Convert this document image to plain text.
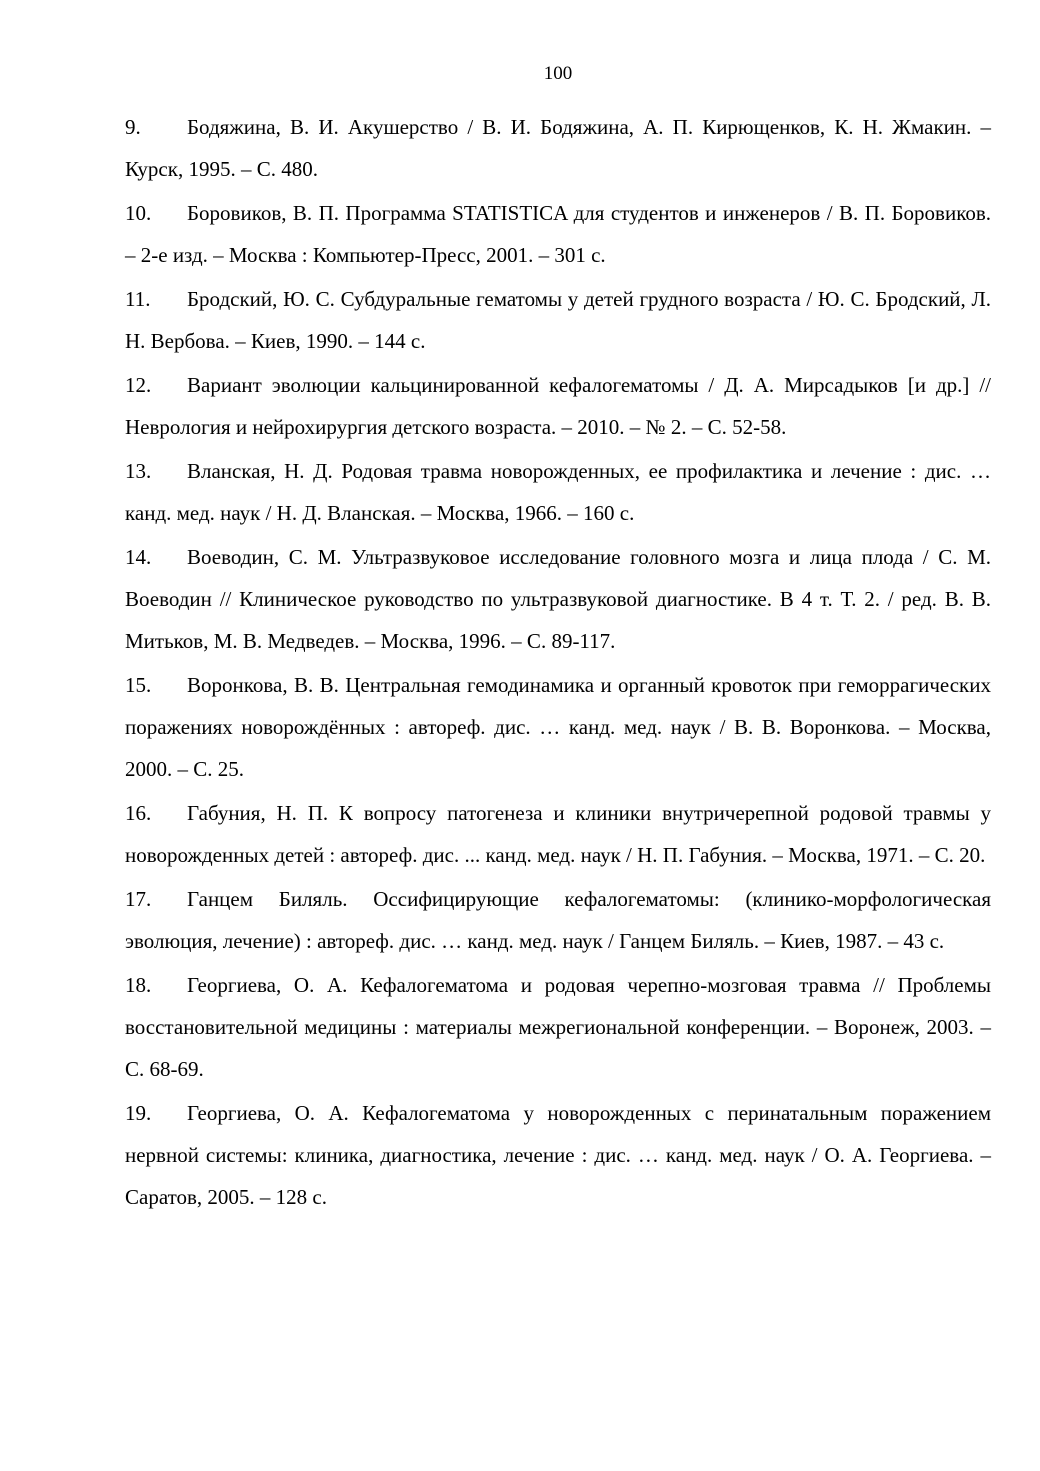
100
9. Бодяжина, В. И. Акушерство / В. И. Бодяжина, А. П. Кирющенков, К. Н. Жмакин. – Курск, 1995. – С. 480.
10. Боровиков, В. П. Программа STATISTICA для студентов и инженеров / В. П. Боровиков. – 2-е изд. – Москва : Компьютер-Пресс, 2001. – 301 с.
11. Бродский, Ю. С. Субдуральные гематомы у детей грудного возраста / Ю. С. Бродский, Л. Н. Вербова. – Киев, 1990. – 144 с.
12. Вариант эволюции кальцинированной кефалогематомы / Д. А. Мирсадыков [и др.] // Неврология и нейрохирургия детского возраста. – 2010. – № 2. – С. 52-58.
13. Вланская, Н. Д. Родовая травма новорожденных, ее профилактика и лечение : дис. … канд. мед. наук / Н. Д. Вланская. – Москва, 1966. – 160 с.
14. Воеводин, С. М. Ультразвуковое исследование головного мозга и лица плода / С. М. Воеводин // Клиническое руководство по ультразвуковой диагностике. В 4 т. Т. 2. / ред. В. В. Митьков, М. В. Медведев. – Москва, 1996. – С. 89-117.
15. Воронкова, В. В. Центральная гемодинамика и органный кровоток при геморрагических поражениях новорождённых : автореф. дис. … канд. мед. наук / В. В. Воронкова. – Москва, 2000. – С. 25.
16. Габуния, Н. П. К вопросу патогенеза и клиники внутричерепной родовой травмы у новорожденных детей : автореф. дис. ... канд. мед. наук / Н. П. Габуния. – Москва, 1971. – С. 20.
17. Ганцем Биляль. Оссифицирующие кефалогематомы: (клинико-морфологическая эволюция, лечение) : автореф. дис. … канд. мед. наук / Ганцем Биляль. – Киев, 1987. – 43 с.
18. Георгиева, О. А. Кефалогематома и родовая черепно-мозговая травма // Проблемы восстановительной медицины : материалы межрегиональной конференции. – Воронеж, 2003. – С. 68-69.
19. Георгиева, О. А. Кефалогематома у новорожденных с перинатальным поражением нервной системы: клиника, диагностика, лечение : дис. … канд. мед. наук / О. А. Георгиева. – Саратов, 2005. – 128 с.
